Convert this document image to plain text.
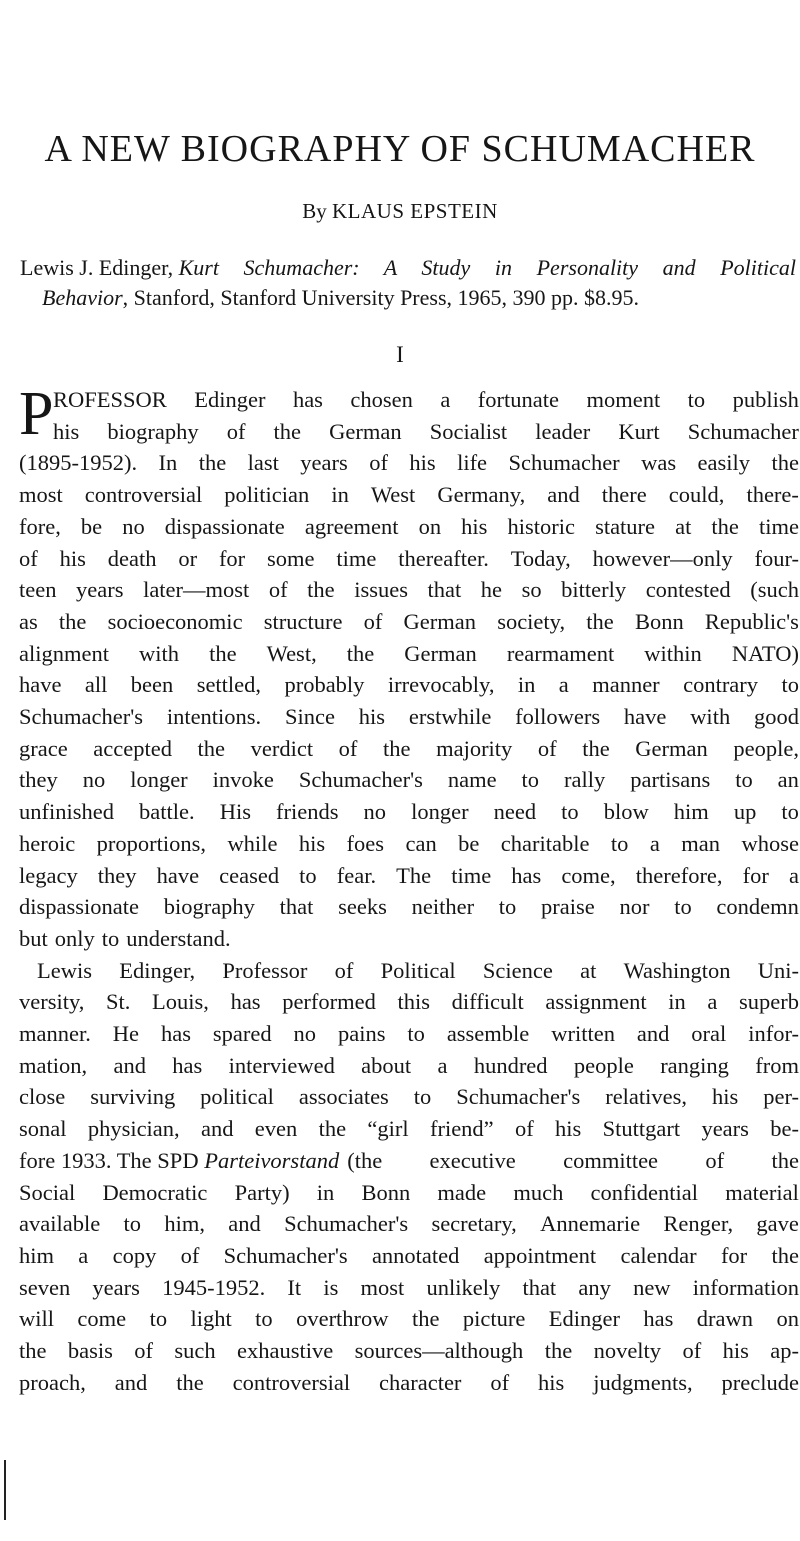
A NEW BIOGRAPHY OF SCHUMACHER
By KLAUS EPSTEIN
Lewis J. Edinger, Kurt Schumacher: A Study in Personality and Political
Behavior, Stanford, Stanford University Press, 1965, 390 pp. $8.95.
I
P ROFESSOR Edinger has chosen a fortunate moment to publish
his biography of the German Socialist leader Kurt Schumacher
(1895-1952). In the last years of his life Schumacher was easily the
most controversial politician in West Germany, and there could, there-
fore, be no dispassionate agreement on his historic stature at the time
of his death or for some time thereafter. Today, however—only four-
teen years later—most of the issues that he so bitterly contested (such
as the socioeconomic structure of German society, the Bonn Republic's
alignment with the West, the German rearmament within NATO)
have all been settled, probably irrevocably, in a manner contrary to
Schumacher's intentions. Since his erstwhile followers have with good
grace accepted the verdict of the majority of the German people,
they no longer invoke Schumacher's name to rally partisans to an
unfinished battle. His friends no longer need to blow him up to
heroic proportions, while his foes can be charitable to a man whose
legacy they have ceased to fear. The time has come, therefore, for a
dispassionate biography that seeks neither to praise nor to condemn
but only to understand.
Lewis Edinger, Professor of Political Science at Washington Uni-
versity, St. Louis, has performed this difficult assignment in a superb
manner. He has spared no pains to assemble written and oral infor-
mation, and has interviewed about a hundred people ranging from
close surviving political associates to Schumacher's relatives, his per-
sonal physician, and even the “girl friend” of his Stuttgart years be-
fore 1933. The SPD Parteivorstand (the executive committee of the
Social Democratic Party) in Bonn made much confidential material
available to him, and Schumacher's secretary, Annemarie Renger, gave
him a copy of Schumacher's annotated appointment calendar for the
seven years 1945-1952. It is most unlikely that any new information
will come to light to overthrow the picture Edinger has drawn on
the basis of such exhaustive sources—although the novelty of his ap-
proach, and the controversial character of his judgments, preclude
